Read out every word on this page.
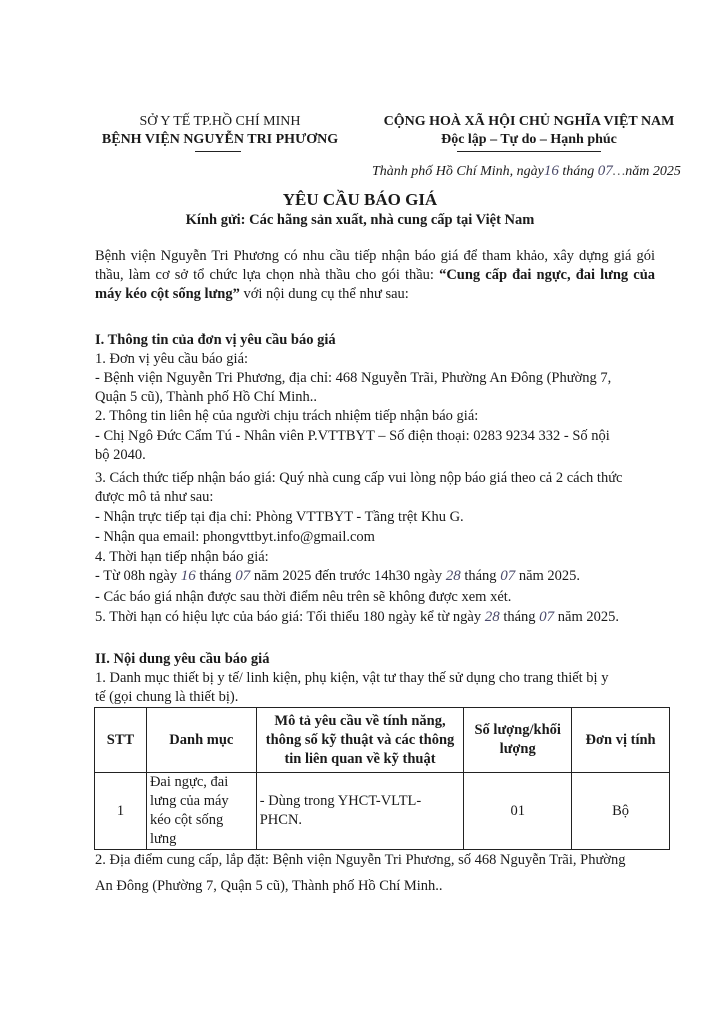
SỞ Y TẾ TP.HỒ CHÍ MINH
BỆNH VIỆN NGUYỄN TRI PHƯƠNG
CỘNG HOÀ XÃ HỘI CHỦ NGHĨA VIỆT NAM
Độc lập – Tự do – Hạnh phúc
Thành phố Hồ Chí Minh, ngày16 tháng 07…năm 2025
YÊU CẦU BÁO GIÁ
Kính gửi: Các hãng sản xuất, nhà cung cấp tại Việt Nam
Bệnh viện Nguyễn Tri Phương có nhu cầu tiếp nhận báo giá để tham khảo, xây dựng giá gói thầu, làm cơ sở tổ chức lựa chọn nhà thầu cho gói thầu: “Cung cấp đai ngực, đai lưng của máy kéo cột sống lưng” với nội dung cụ thể như sau:
I. Thông tin của đơn vị yêu cầu báo giá
1. Đơn vị yêu cầu báo giá:
- Bệnh viện Nguyễn Tri Phương, địa chỉ: 468 Nguyễn Trãi, Phường An Đông (Phường 7,
Quận 5 cũ), Thành phố Hồ Chí Minh..
2. Thông tin liên hệ của người chịu trách nhiệm tiếp nhận báo giá:
- Chị Ngô Đức Cẩm Tú - Nhân viên P.VTTBYT – Số điện thoại: 0283 9234 332 - Số nội
bộ 2040.
3. Cách thức tiếp nhận báo giá: Quý nhà cung cấp vui lòng nộp báo giá theo cả 2 cách thức
được mô tả như sau:
- Nhận trực tiếp tại địa chỉ: Phòng VTTBYT - Tầng trệt Khu G.
- Nhận qua email: phongvttbyt.info@gmail.com
4. Thời hạn tiếp nhận báo giá:
- Từ 08h ngày 16 tháng 07 năm 2025 đến trước 14h30 ngày 28 tháng 07 năm 2025.
- Các báo giá nhận được sau thời điểm nêu trên sẽ không được xem xét.
5. Thời hạn có hiệu lực của báo giá: Tối thiểu 180 ngày kể từ ngày 28 tháng 07 năm 2025.
II. Nội dung yêu cầu báo giá
1. Danh mục thiết bị y tế/ linh kiện, phụ kiện, vật tư thay thế sử dụng cho trang thiết bị y
tế (gọi chung là thiết bị).
STT	Danh mục	Mô tả yêu cầu về tính năng, thông số kỹ thuật và các thông tin liên quan về kỹ thuật	Số lượng/khối lượng	Đơn vị tính
1	Đai ngực, đai lưng của máy kéo cột sống lưng	- Dùng trong YHCT-VLTL-PHCN.	01	Bộ
2. Địa điểm cung cấp, lắp đặt: Bệnh viện Nguyễn Tri Phương, số 468 Nguyễn Trãi, Phường
An Đông (Phường 7, Quận 5 cũ), Thành phố Hồ Chí Minh..
